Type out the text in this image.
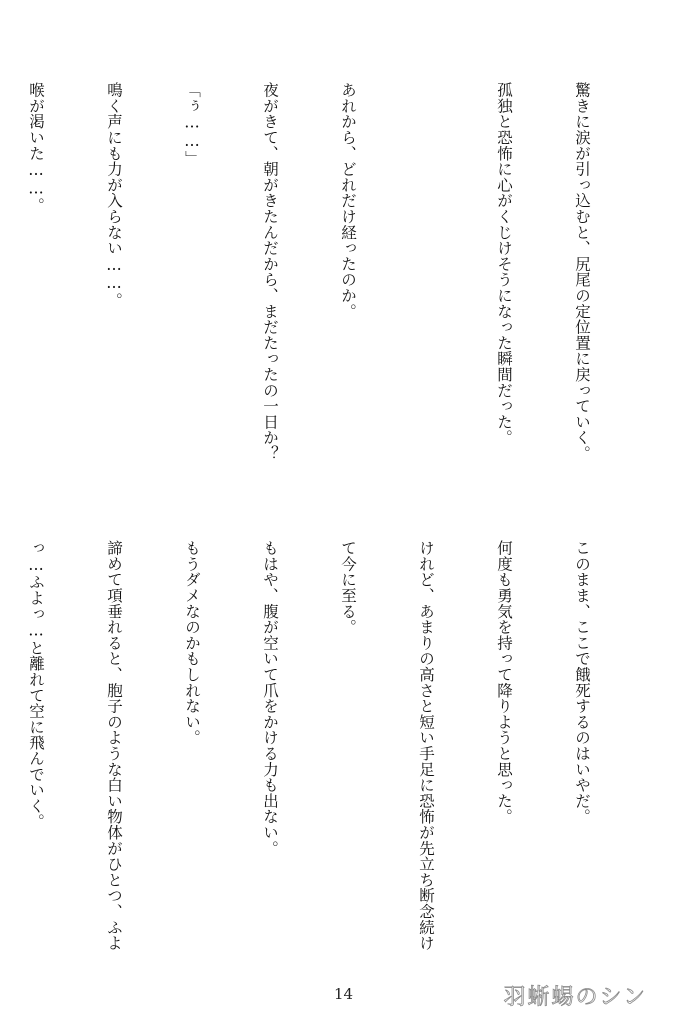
驚きに涙が引っ込むと、尻尾の定位置に戻っていく。

孤独と恐怖に心がくじけそうになった瞬間だった。

あれから、どれだけ経ったのか。

夜がきて、朝がきたんだから、まだたったの一日か？

「ぅ……」

鳴く声にも力が入らない……。

喉が渇いた……。

このまま、ここで餓死するのはいやだ。

何度も勇気を持って降りようと思った。

けれど、あまりの高さと短い手足に恐怖が先立ち断念続け

て今に至る。

もはや、腹が空いて爪をかける力も出ない。

もうダメなのかもしれない。

諦めて項垂れると、胞子のような白い物体がひとつ、ふよ

っ…ふよっ…と離れて空に飛んでいく。

14	羽蜥蜴のシン
